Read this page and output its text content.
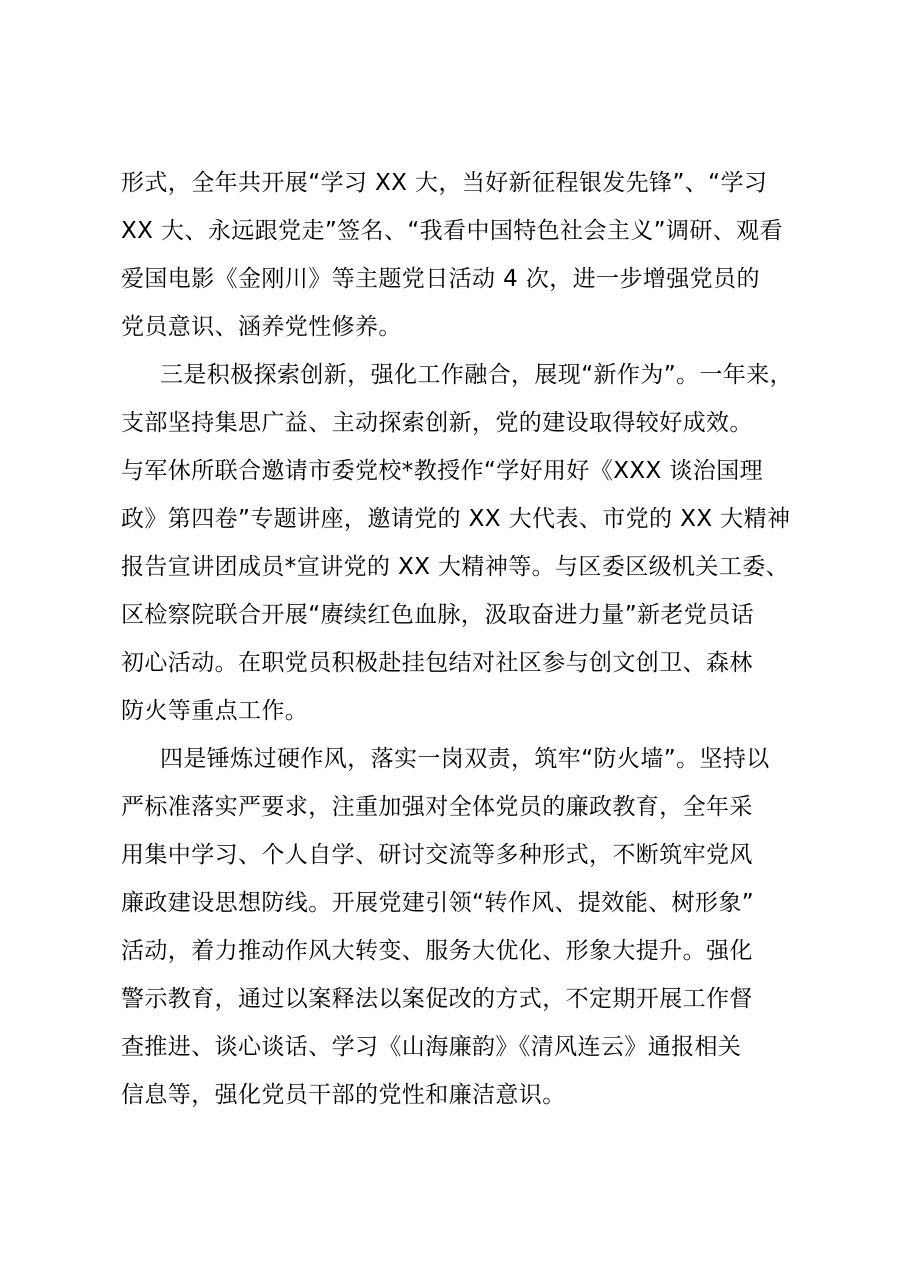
形式，全年共开展“学习 XX 大，当好新征程银发先锋”、“学习
XX 大、永远跟党走”签名、“我看中国特色社会主义”调研、观看
爱国电影《金刚川》等主题党日活动 4 次，进一步增强党员的
党员意识、涵养党性修养。
三是积极探索创新，强化工作融合，展现“新作为”。一年来，
支部坚持集思广益、主动探索创新，党的建设取得较好成效。
与军休所联合邀请市委党校*教授作“学好用好《XXX 谈治国理
政》第四卷”专题讲座，邀请党的 XX 大代表、市党的 XX 大精神
报告宣讲团成员*宣讲党的 XX 大精神等。与区委区级机关工委、
区检察院联合开展“赓续红色血脉，汲取奋进力量”新老党员话
初心活动。在职党员积极赴挂包结对社区参与创文创卫、森林
防火等重点工作。
四是锤炼过硬作风，落实一岗双责，筑牢“防火墙”。坚持以
严标准落实严要求，注重加强对全体党员的廉政教育，全年采
用集中学习、个人自学、研讨交流等多种形式，不断筑牢党风
廉政建设思想防线。开展党建引领“转作风、提效能、树形象”
活动，着力推动作风大转变、服务大优化、形象大提升。强化
警示教育，通过以案释法以案促改的方式，不定期开展工作督
查推进、谈心谈话、学习《山海廉韵》《清风连云》通报相关
信息等，强化党员干部的党性和廉洁意识。
